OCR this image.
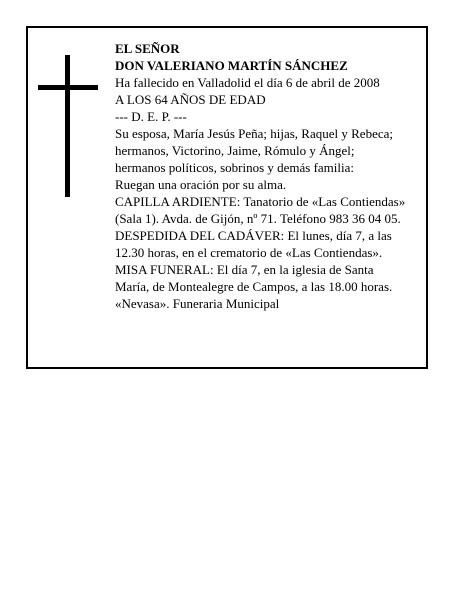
EL SEÑOR
DON VALERIANO MARTÍN SÁNCHEZ
Ha fallecido en Valladolid el día 6 de abril de 2008
A LOS 64 AÑOS DE EDAD
--- D. E. P. ---
Su esposa, María Jesús Peña; hijas, Raquel y Rebeca;
hermanos, Victorino, Jaime, Rómulo y Ángel;
hermanos políticos, sobrinos y demás familia:
Ruegan una oración por su alma.
CAPILLA ARDIENTE: Tanatorio de «Las Contiendas»
(Sala 1). Avda. de Gijón, nº 71. Teléfono 983 36 04 05.
DESPEDIDA DEL CADÁVER: El lunes, día 7, a las
12.30 horas, en el crematorio de «Las Contiendas».
MISA FUNERAL: El día 7, en la iglesia de Santa
María, de Montealegre de Campos, a las 18.00 horas.
«Nevasa». Funeraria Municipal
